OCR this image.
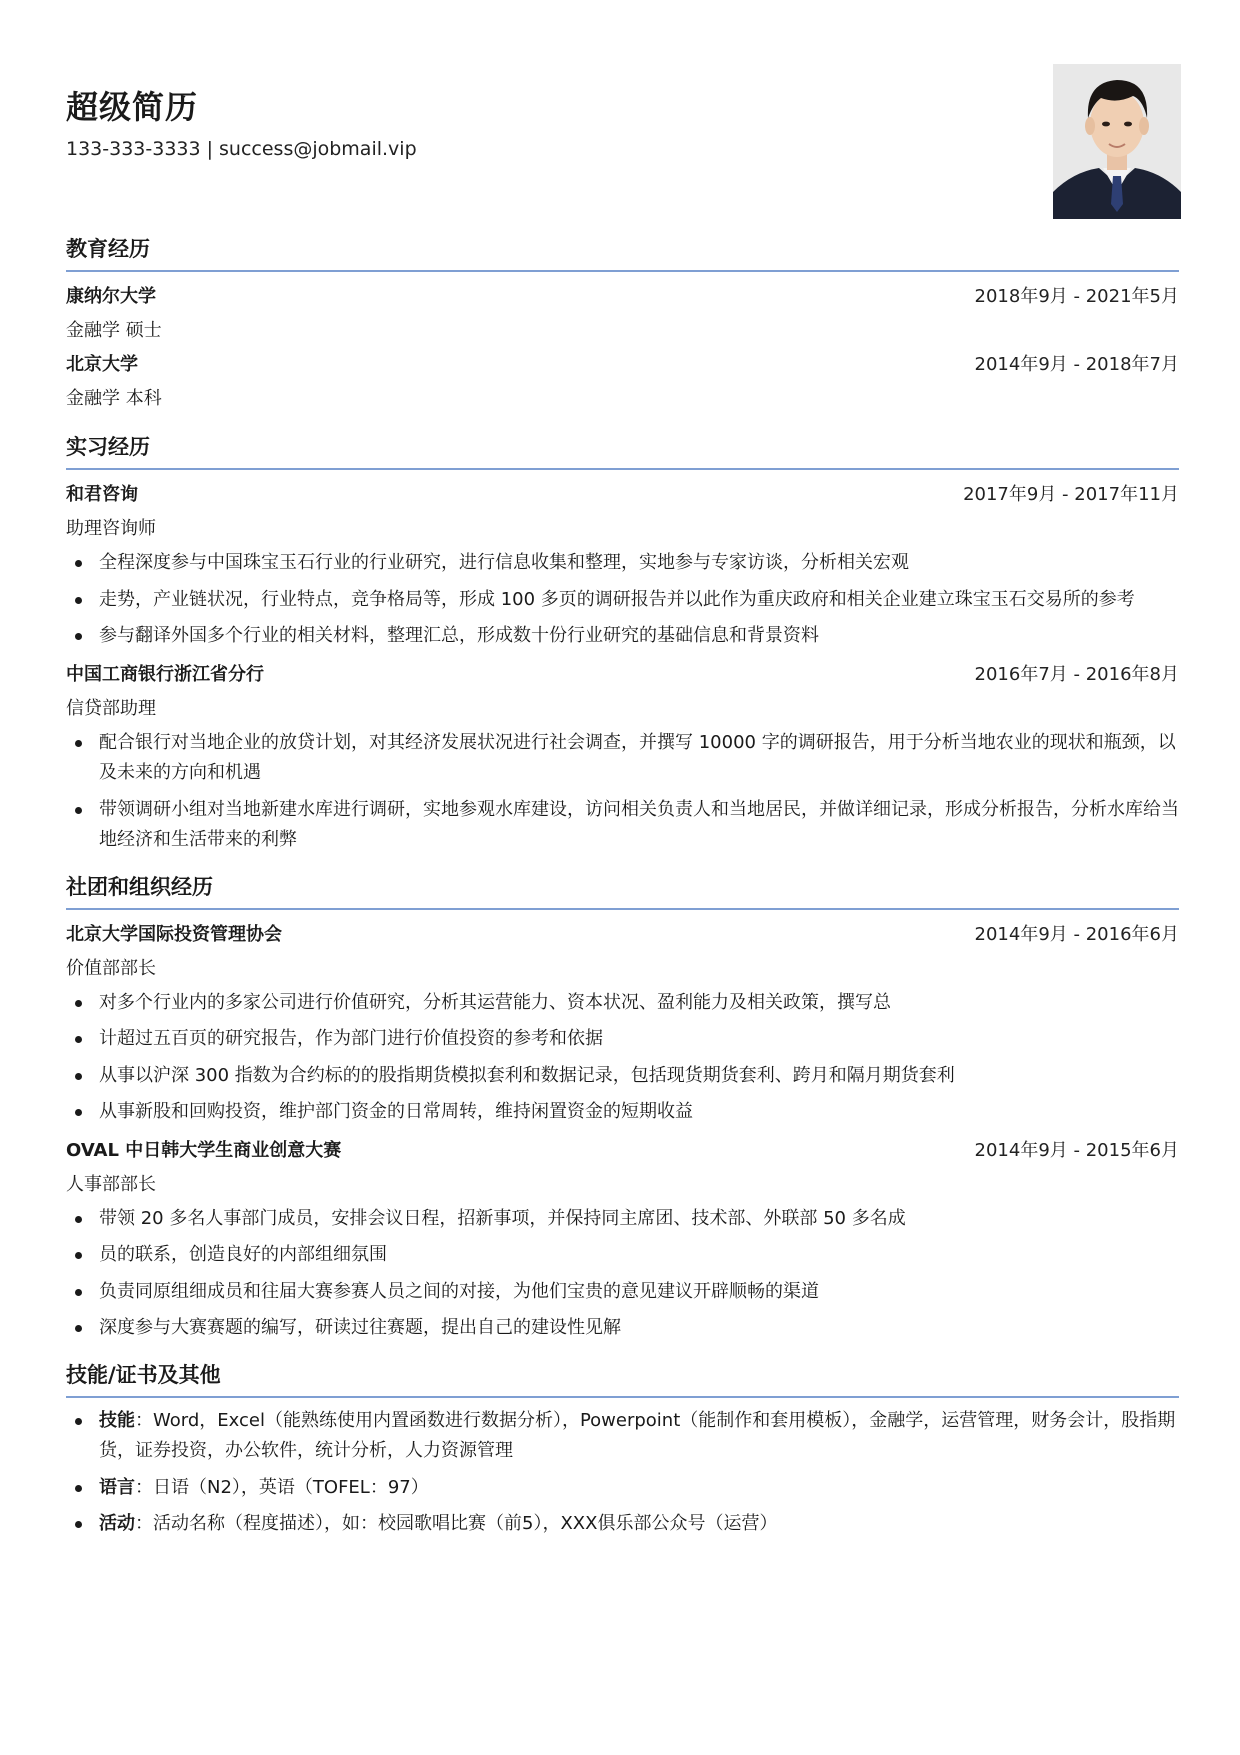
超级简历
133-333-3333 | success@jobmail.vip
教育经历
康纳尔大学	2018年9月 - 2021年5月
金融学 硕士
北京大学	2014年9月 - 2018年7月
金融学 本科
实习经历
和君咨询	2017年9月 - 2017年11月
助理咨询师
全程深度参与中国珠宝玉石行业的行业研究，进行信息收集和整理，实地参与专家访谈，分析相关宏观
走势，产业链状况，行业特点，竞争格局等，形成 100 多页的调研报告并以此作为重庆政府和相关企业建立珠宝玉石交易所的参考
参与翻译外国多个行业的相关材料，整理汇总，形成数十份行业研究的基础信息和背景资料
中国工商银行浙江省分行	2016年7月 - 2016年8月
信贷部助理
配合银行对当地企业的放贷计划，对其经济发展状况进行社会调查，并撰写 10000 字的调研报告，用于分析当地农业的现状和瓶颈，以及未来的方向和机遇
带领调研小组对当地新建水库进行调研，实地参观水库建设，访问相关负责人和当地居民，并做详细记录，形成分析报告，分析水库给当地经济和生活带来的利弊
社团和组织经历
北京大学国际投资管理协会	2014年9月 - 2016年6月
价值部部长
对多个行业内的多家公司进行价值研究，分析其运营能力、资本状况、盈利能力及相关政策，撰写总
计超过五百页的研究报告，作为部门进行价值投资的参考和依据
从事以沪深 300 指数为合约标的的股指期货模拟套利和数据记录，包括现货期货套利、跨月和隔月期货套利
从事新股和回购投资，维护部门资金的日常周转，维持闲置资金的短期收益
OVAL 中日韩大学生商业创意大赛	2014年9月 - 2015年6月
人事部部长
带领 20 多名人事部门成员，安排会议日程，招新事项，并保持同主席团、技术部、外联部 50 多名成
员的联系，创造良好的内部组细氛围
负责同原组细成员和往届大赛参赛人员之间的对接，为他们宝贵的意见建议开辟顺畅的渠道
深度参与大赛赛题的编写，研读过往赛题，提出自己的建设性见解
技能/证书及其他
技能：Word，Excel（能熟练使用内置函数进行数据分析），Powerpoint（能制作和套用模板），金融学，运营管理，财务会计，股指期货，证券投资，办公软件，统计分析，人力资源管理
语言：日语（N2），英语（TOFEL：97）
活动：活动名称（程度描述），如：校园歌唱比赛（前5），XXX俱乐部公众号（运营）
